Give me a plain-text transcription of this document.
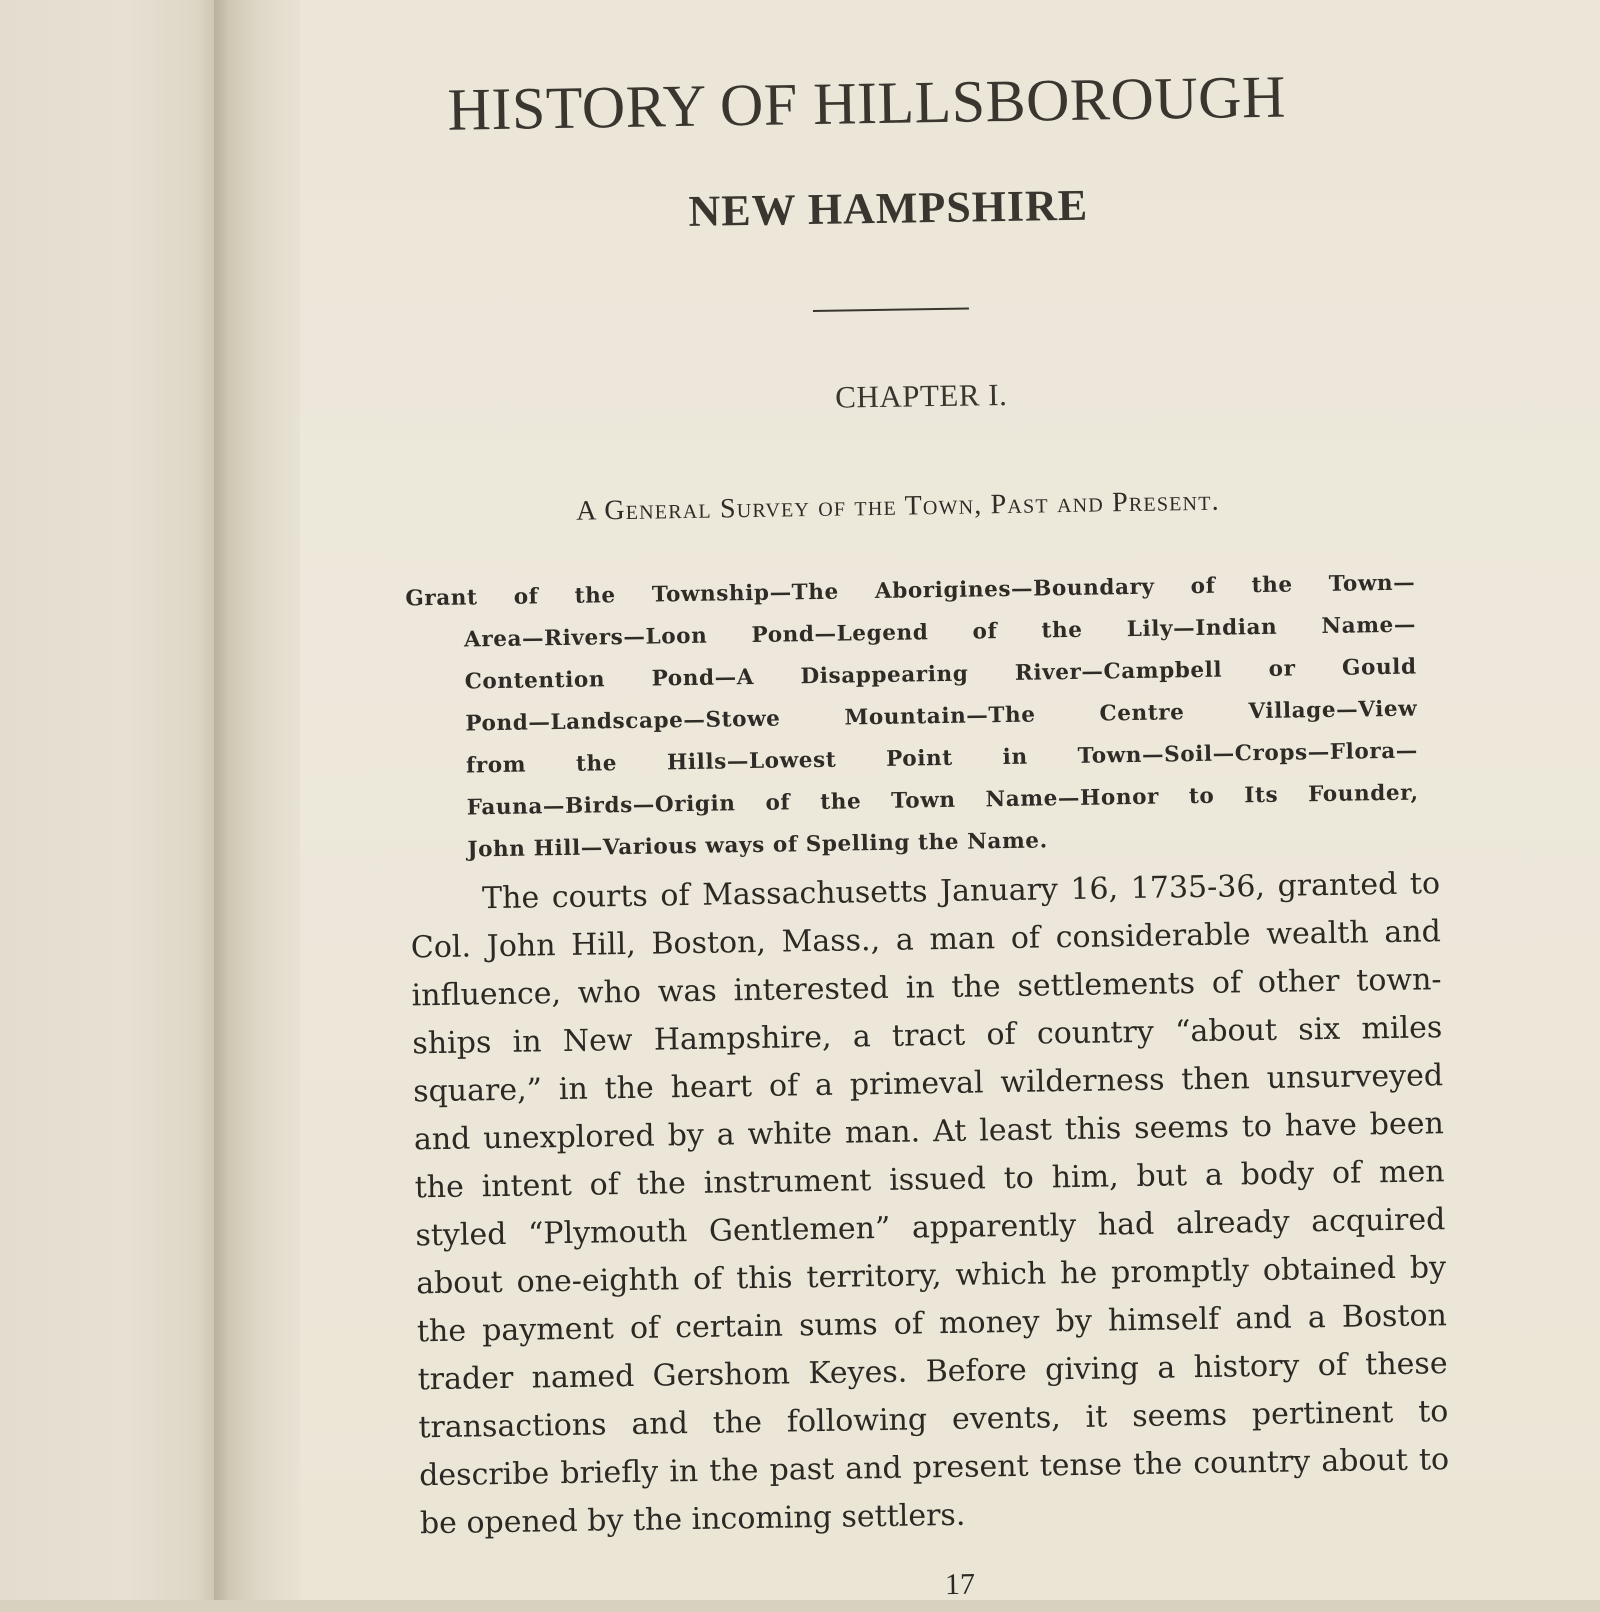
HISTORY OF HILLSBOROUGH
NEW HAMPSHIRE
CHAPTER I.
A General Survey of the Town, Past and Present.
Grant of the Township—The Aborigines—Boundary of the Town—
Area—Rivers—Loon Pond—Legend of the Lily—Indian Name—
Contention Pond—A Disappearing River—Campbell or Gould
Pond—Landscape—Stowe Mountain—The Centre Village—View
from the Hills—Lowest Point in Town—Soil—Crops—Flora—
Fauna—Birds—Origin of the Town Name—Honor to Its Founder,
John Hill—Various ways of Spelling the Name.
The courts of Massachusetts January 16, 1735-36, granted to
Col. John Hill, Boston, Mass., a man of considerable wealth and
influence, who was interested in the settlements of other town-
ships in New Hampshire, a tract of country “about six miles
square,” in the heart of a primeval wilderness then unsurveyed
and unexplored by a white man. At least this seems to have been
the intent of the instrument issued to him, but a body of men
styled “Plymouth Gentlemen” apparently had already acquired
about one-eighth of this territory, which he promptly obtained by
the payment of certain sums of money by himself and a Boston
trader named Gershom Keyes. Before giving a history of these
transactions and the following events, it seems pertinent to
describe briefly in the past and present tense the country about to
be opened by the incoming settlers.
17
